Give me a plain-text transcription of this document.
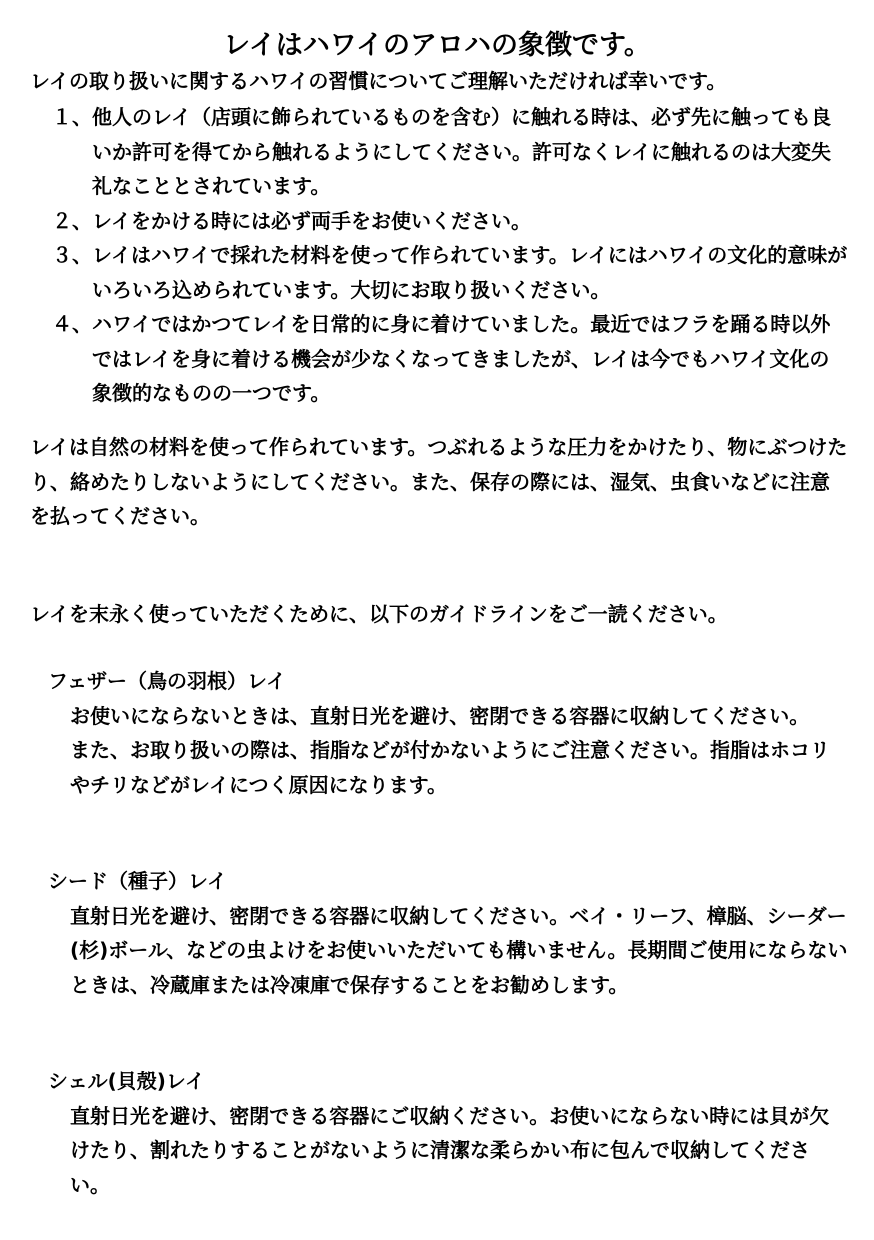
レイはハワイのアロハの象徴です。

レイの取り扱いに関するハワイの習慣についてご理解いただければ幸いです。

１、 他人のレイ（店頭に飾られているものを含む）に触れる時は、必ず先に触っても良いか許可を得てから触れるようにしてください。許可なくレイに触れるのは大変失礼なこととされています。
２、 レイをかける時には必ず両手をお使いください。
３、 レイはハワイで採れた材料を使って作られています。レイにはハワイの文化的意味がいろいろ込められています。大切にお取り扱いください。
４、 ハワイではかつてレイを日常的に身に着けていました。最近ではフラを踊る時以外ではレイを身に着ける機会が少なくなってきましたが、レイは今でもハワイ文化の象徴的なものの一つです。

レイは自然の材料を使って作られています。つぶれるような圧力をかけたり、物にぶつけたり、絡めたりしないようにしてください。また、保存の際には、湿気、虫食いなどに注意を払ってください。

レイを末永く使っていただくために、以下のガイドラインをご一読ください。

フェザー（鳥の羽根）レイ

お使いにならないときは、直射日光を避け、密閉できる容器に収納してください。

また、お取り扱いの際は、指脂などが付かないようにご注意ください。指脂はホコリやチリなどがレイにつく原因になります。

シード（種子）レイ

直射日光を避け、密閉できる容器に収納してください。ベイ・リーフ、樟脳、シーダー(杉)ボール、などの虫よけをお使いいただいても構いません。長期間ご使用にならないときは、冷蔵庫または冷凍庫で保存することをお勧めします。

シェル(貝殻)レイ

直射日光を避け、密閉できる容器にご収納ください。お使いにならない時には貝が欠けたり、割れたりすることがないように清潔な柔らかい布に包んで収納してください。
